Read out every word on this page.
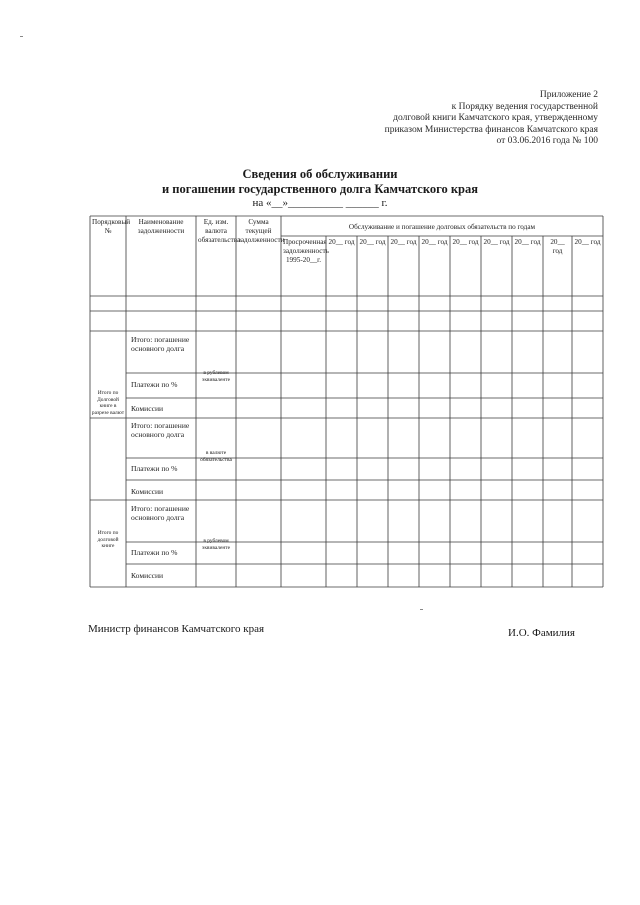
Приложение 2
к Порядку ведения государственной
долговой книги Камчатского края, утвержденному
приказом Министерства финансов Камчатского края
от 03.06.2016 года № 100
Сведения об обслуживании
и погашении государственного долга Камчатского края
на «__»__________ ______ г.
Порядковый №
Наименование задолженности
Ед. изм. валюта обязательства
Сумма текущей задолженности
Обслуживание и погашение долговых обязательств по годам
Просроченная задолженность 1995-20__г.
20__ год 20__ год 20__ год 20__ год 20__ год 20__ год 20__ год	20__ год
20__ год
Итого по Долговой книге в разрезе валют
Итого: погашение основного долга
Платежи по %
Комиссии
в рублевом эквиваленте
Итого: погашение основного долга
Платежи по %
Комиссии
в валюте обязательства
Итого по долговой книге
Итого: погашение основного долга
Платежи по %
Комиссии
в рублевом эквиваленте
Министр финансов Камчатского края	И.О. Фамилия
